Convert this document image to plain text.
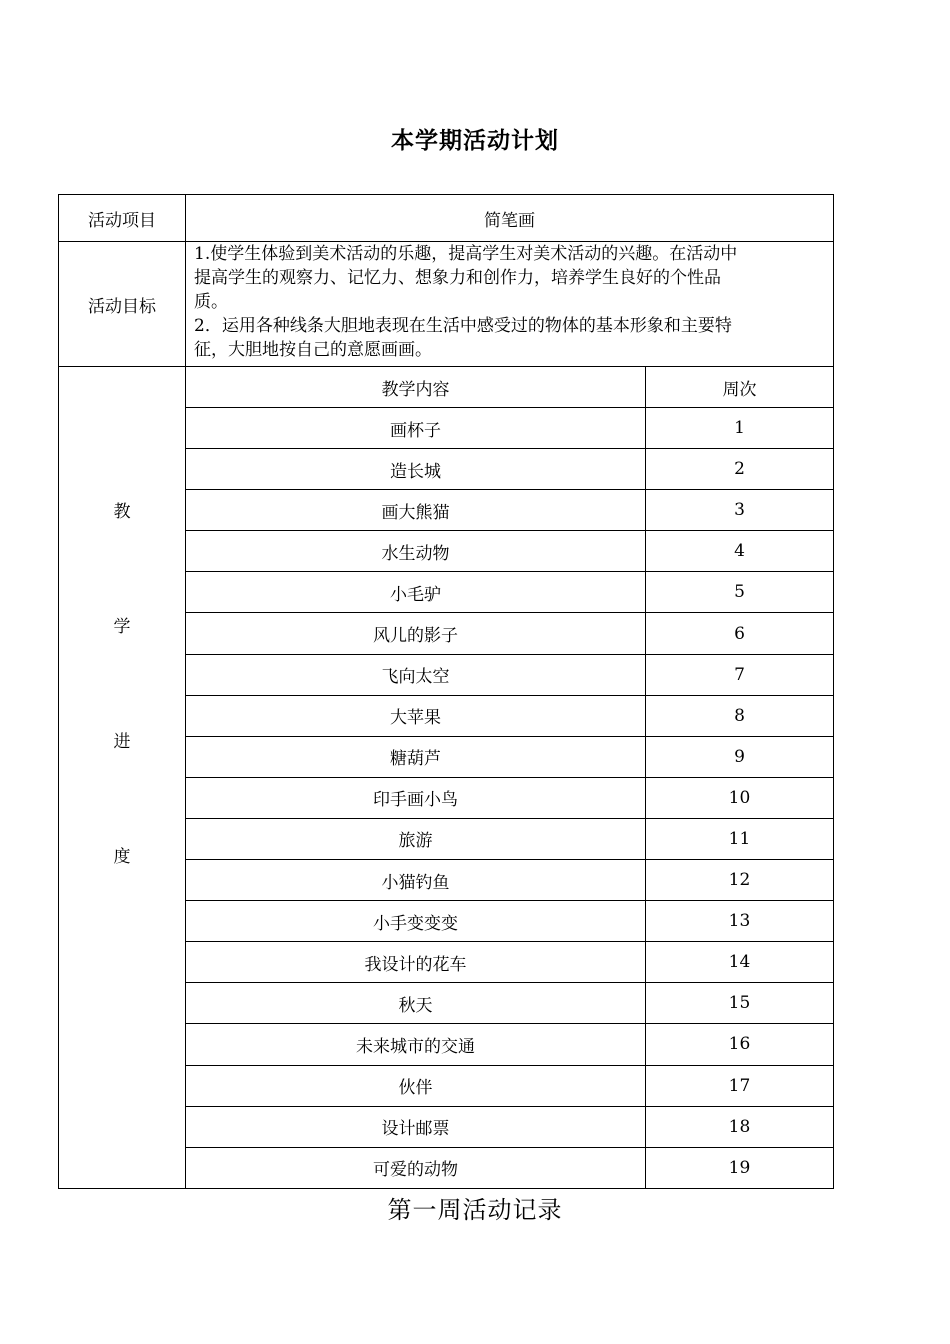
本学期活动计划
活动项目	简笔画	
活动目标	1.使学生体验到美术活动的乐趣，提高学生对美术活动的兴趣。在活动中
提高学生的观察力、记忆力、想象力和创作力，培养学生良好的个性品
质。
2．运用各种线条大胆地表现在生活中感受过的物体的基本形象和主要特
征，大胆地按自己的意愿画画。	

教
学
进
度	教学内容	周次
	画杯子	1
	造长城	2
	画大熊猫	3
	水生动物	4
	小毛驴	5
	风儿的影子	6
	飞向太空	7
	大苹果	8
	糖葫芦	9
	印手画小鸟	10
	旅游	11
	小猫钓鱼	12
	小手变变变	13
	我设计的花车	14
	秋天	15
	未来城市的交通	16
	伙伴	17
	设计邮票	18
	可爱的动物	19
第一周活动记录
